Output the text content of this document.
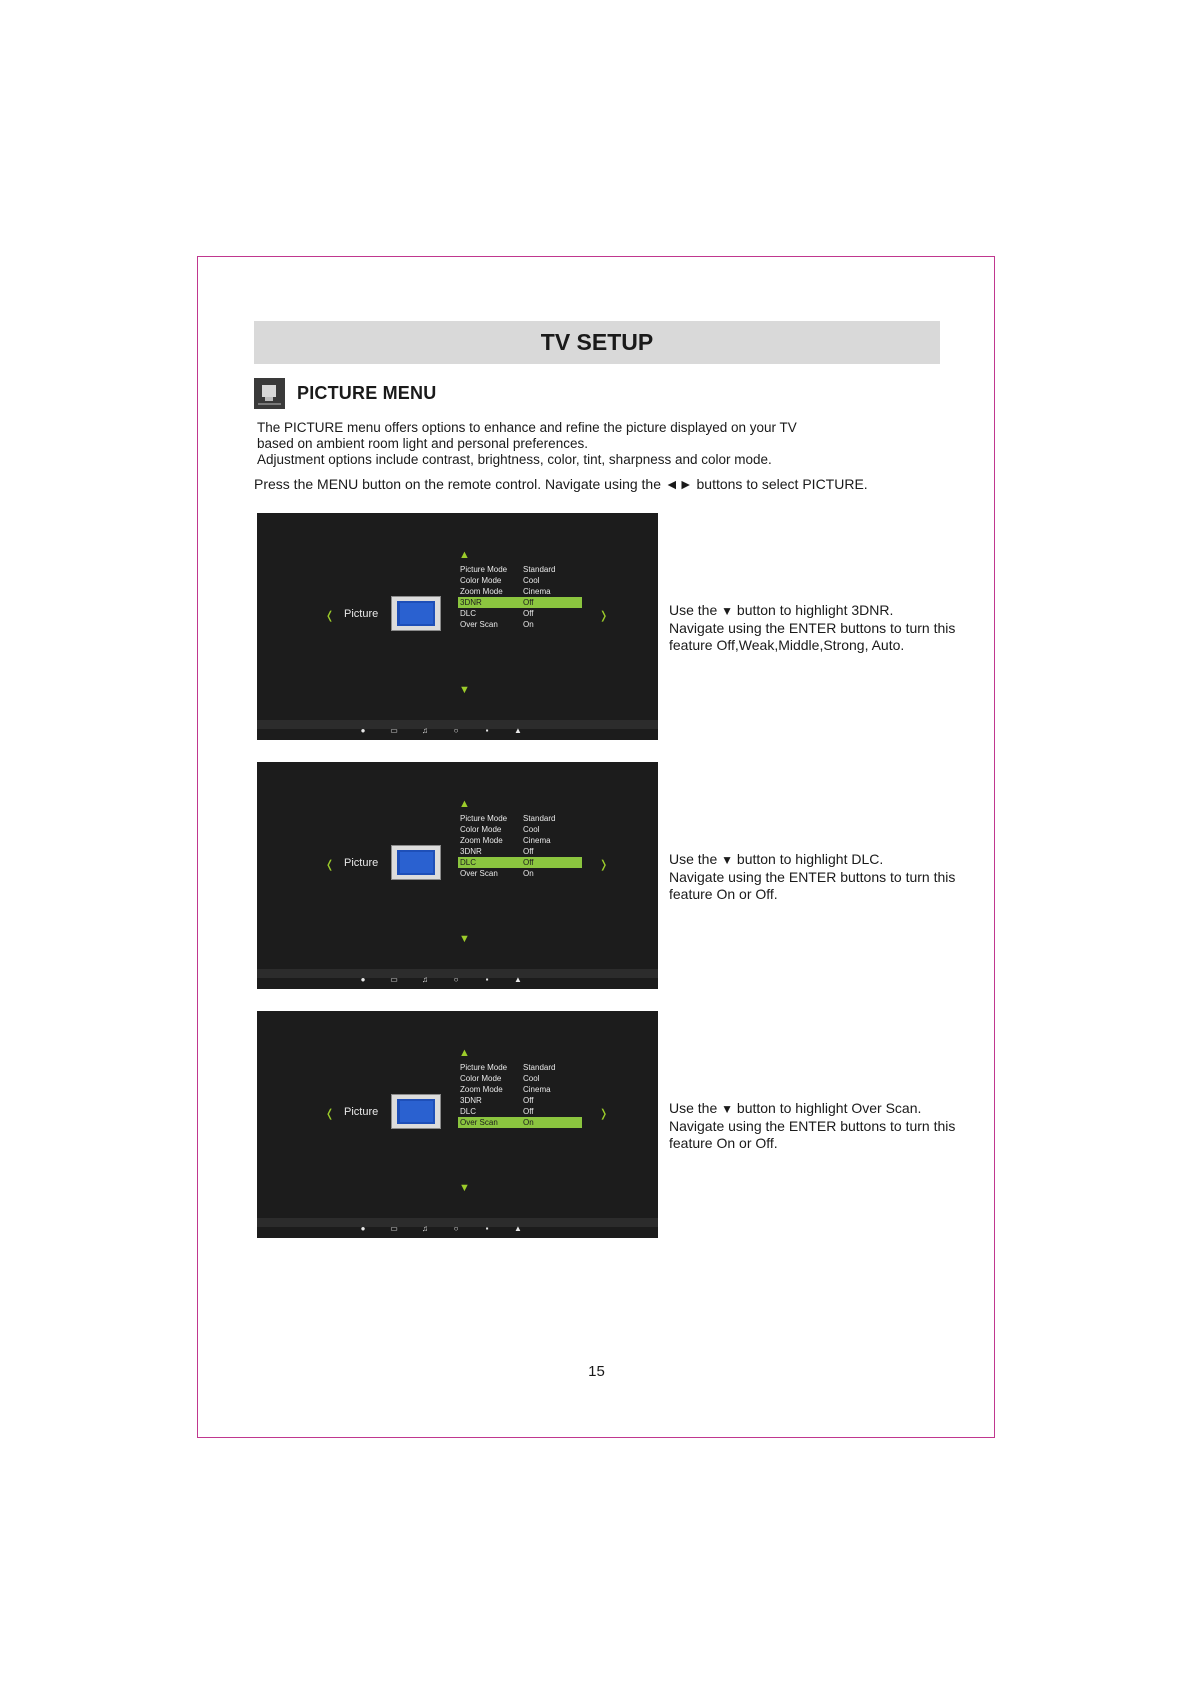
TV SETUP
PICTURE MENU
The PICTURE menu offers options to enhance and refine the picture displayed on your TV
based on ambient room light and personal preferences.
Adjustment options include contrast, brightness, color, tint, sharpness and color mode.
Press the MENU button on the remote control. Navigate using the ◄► buttons to select PICTURE.
▲
❬ Picture
Picture Mode	Standard
Color Mode	Cool
Zoom Mode	Cinema
3DNR	Off
DLC	Off
Over Scan	On
❭
▼
●	▭	♫	○	▪	▲
▲
❬ Picture
Picture Mode	Standard
Color Mode	Cool
Zoom Mode	Cinema
3DNR	Off
DLC	Off
Over Scan	On
❭
▼
●	▭	♫	○	▪	▲
▲
❬ Picture
Picture Mode	Standard
Color Mode	Cool
Zoom Mode	Cinema
3DNR	Off
DLC	Off
Over Scan	On
❭
▼
●	▭	♫	○	▪	▲
Use the ▼ button to highlight 3DNR.
Navigate using the ENTER buttons to turn this
feature Off,Weak,Middle,Strong, Auto.
Use the ▼ button to highlight DLC.
Navigate using the ENTER buttons to turn this
feature On or Off.
Use the ▼ button to highlight Over Scan.
Navigate using the ENTER buttons to turn this
feature On or Off.
15
